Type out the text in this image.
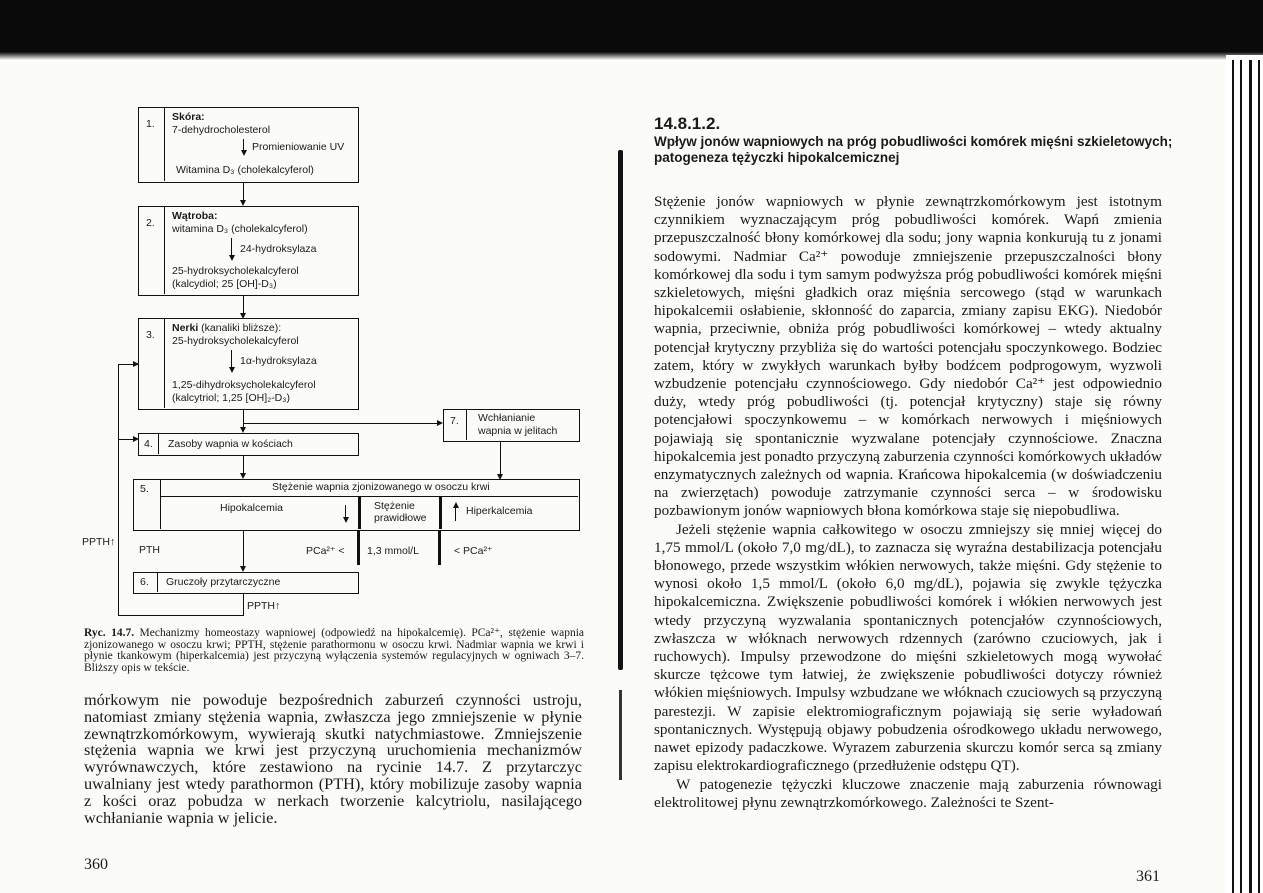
1.
Skóra:
7-dehydrocholesterol
Promieniowanie UV
Witamina D₃ (cholekalcyferol)
2.
Wątroba:
witamina D₃ (cholekalcyferol)
24-hydroksylaza
25-hydroksycholekalcyferol
(kalcydiol; 25 [OH]-D₃)
3.
Nerki (kanaliki bliższe):
25-hydroksycholekalcyferol
1α-hydroksylaza
1,25-dihydroksycholekalcyferol
(kalcytriol; 1,25 [OH]₂-D₃)
7. Wchłanianie
wapnia w jelitach
4. Zasoby wapnia w kościach
5.	Stężenie wapnia zjonizowanego w osoczu krwi
Hipokalcemia	Stężenie
prawidłowe
Hiperkalcemia
PTH	PCa²⁺ < 1,3 mmol/L	< PCa²⁺
6. Gruczoły przytarczyczne
PPTH↑
PPTH↑
Ryc. 14.7. Mechanizmy homeostazy wapniowej (odpowiedź na hipokalcemię). PCa²⁺, stężenie wapnia zjonizowanego w osoczu krwi; PPTH, stężenie parathormonu w osoczu krwi. Nadmiar wapnia we krwi i płynie tkankowym (hiperkalcemia) jest przyczyną wyłączenia systemów regulacyjnych w ogniwach 3–7. Bliższy opis w tekście.

mórkowym nie powoduje bezpośrednich zaburzeń czynności ustroju, natomiast zmiany stężenia wapnia, zwłaszcza jego zmniejszenie w płynie zewnątrzkomórkowym, wywierają skutki natychmiastowe. Zmniejszenie stężenia wapnia we krwi jest przyczyną uruchomienia mechanizmów wyrównawczych, które zestawiono na rycinie 14.7. Z przytarczyc uwalniany jest wtedy parathormon (PTH), który mobilizuje zasoby wapnia z kości oraz pobudza w nerkach tworzenie kalcytriolu, nasilającego wchłanianie wapnia w jelicie.

360
14.8.1.2.
Wpływ jonów wapniowych na próg pobudliwości komórek mięśni szkieletowych; patogeneza tężyczki hipokalcemicznej

Stężenie jonów wapniowych w płynie zewnątrzkomórkowym jest istotnym czynnikiem wyznaczającym próg pobudliwości komórek. Wapń zmienia przepuszczalność błony komórkowej dla sodu; jony wapnia konkurują tu z jonami sodowymi. Nadmiar Ca²⁺ powoduje zmniejszenie przepuszczalności błony komórkowej dla sodu i tym samym podwyższa próg pobudliwości komórek mięśni szkieletowych, mięśni gładkich oraz mięśnia sercowego (stąd w warunkach hipokalcemii osłabienie, skłonność do zaparcia, zmiany zapisu EKG). Niedobór wapnia, przeciwnie, obniża próg pobudliwości komórkowej – wtedy aktualny potencjał krytyczny przybliża się do wartości potencjału spoczynkowego. Bodziec zatem, który w zwykłych warunkach byłby bodźcem podprogowym, wyzwoli wzbudzenie potencjału czynnościowego. Gdy niedobór Ca²⁺ jest odpowiednio duży, wtedy próg pobudliwości (tj. potencjał krytyczny) staje się równy potencjałowi spoczynkowemu – w komórkach nerwowych i mięśniowych pojawiają się spontanicznie wyzwalane potencjały czynnościowe. Znaczna hipokalcemia jest ponadto przyczyną zaburzenia czynności komórkowych układów enzymatycznych zależnych od wapnia. Krańcowa hipokalcemia (w doświadczeniu na zwierzętach) powoduje zatrzymanie czynności serca – w środowisku pozbawionym jonów wapniowych błona komórkowa staje się niepobudliwa.

Jeżeli stężenie wapnia całkowitego w osoczu zmniejszy się mniej więcej do 1,75 mmol/L (około 7,0 mg/dL), to zaznacza się wyraźna destabilizacja potencjału błonowego, przede wszystkim włókien nerwowych, także mięśni. Gdy stężenie to wynosi około 1,5 mmol/L (około 6,0 mg/dL), pojawia się zwykle tężyczka hipokalcemiczna. Zwiększenie pobudliwości komórek i włókien nerwowych jest wtedy przyczyną wyzwalania spontanicznych potencjałów czynnościowych, zwłaszcza w włóknach nerwowych rdzennych (zarówno czuciowych, jak i ruchowych). Impulsy przewodzone do mięśni szkieletowych mogą wywołać skurcze tężcowe tym łatwiej, że zwiększenie pobudliwości dotyczy również włókien mięśniowych. Impulsy wzbudzane we włóknach czuciowych są przyczyną parestezji. W zapisie elektromiograficznym pojawiają się serie wyładowań spontanicznych. Występują objawy pobudzenia ośrodkowego układu nerwowego, nawet epizody padaczkowe. Wyrazem zaburzenia skurczu komór serca są zmiany zapisu elektrokardiograficznego (przedłużenie odstępu QT).

W patogenezie tężyczki kluczowe znaczenie mają zaburzenia równowagi elektrolitowej płynu zewnątrzkomórkowego. Zależności te Szent-

361
